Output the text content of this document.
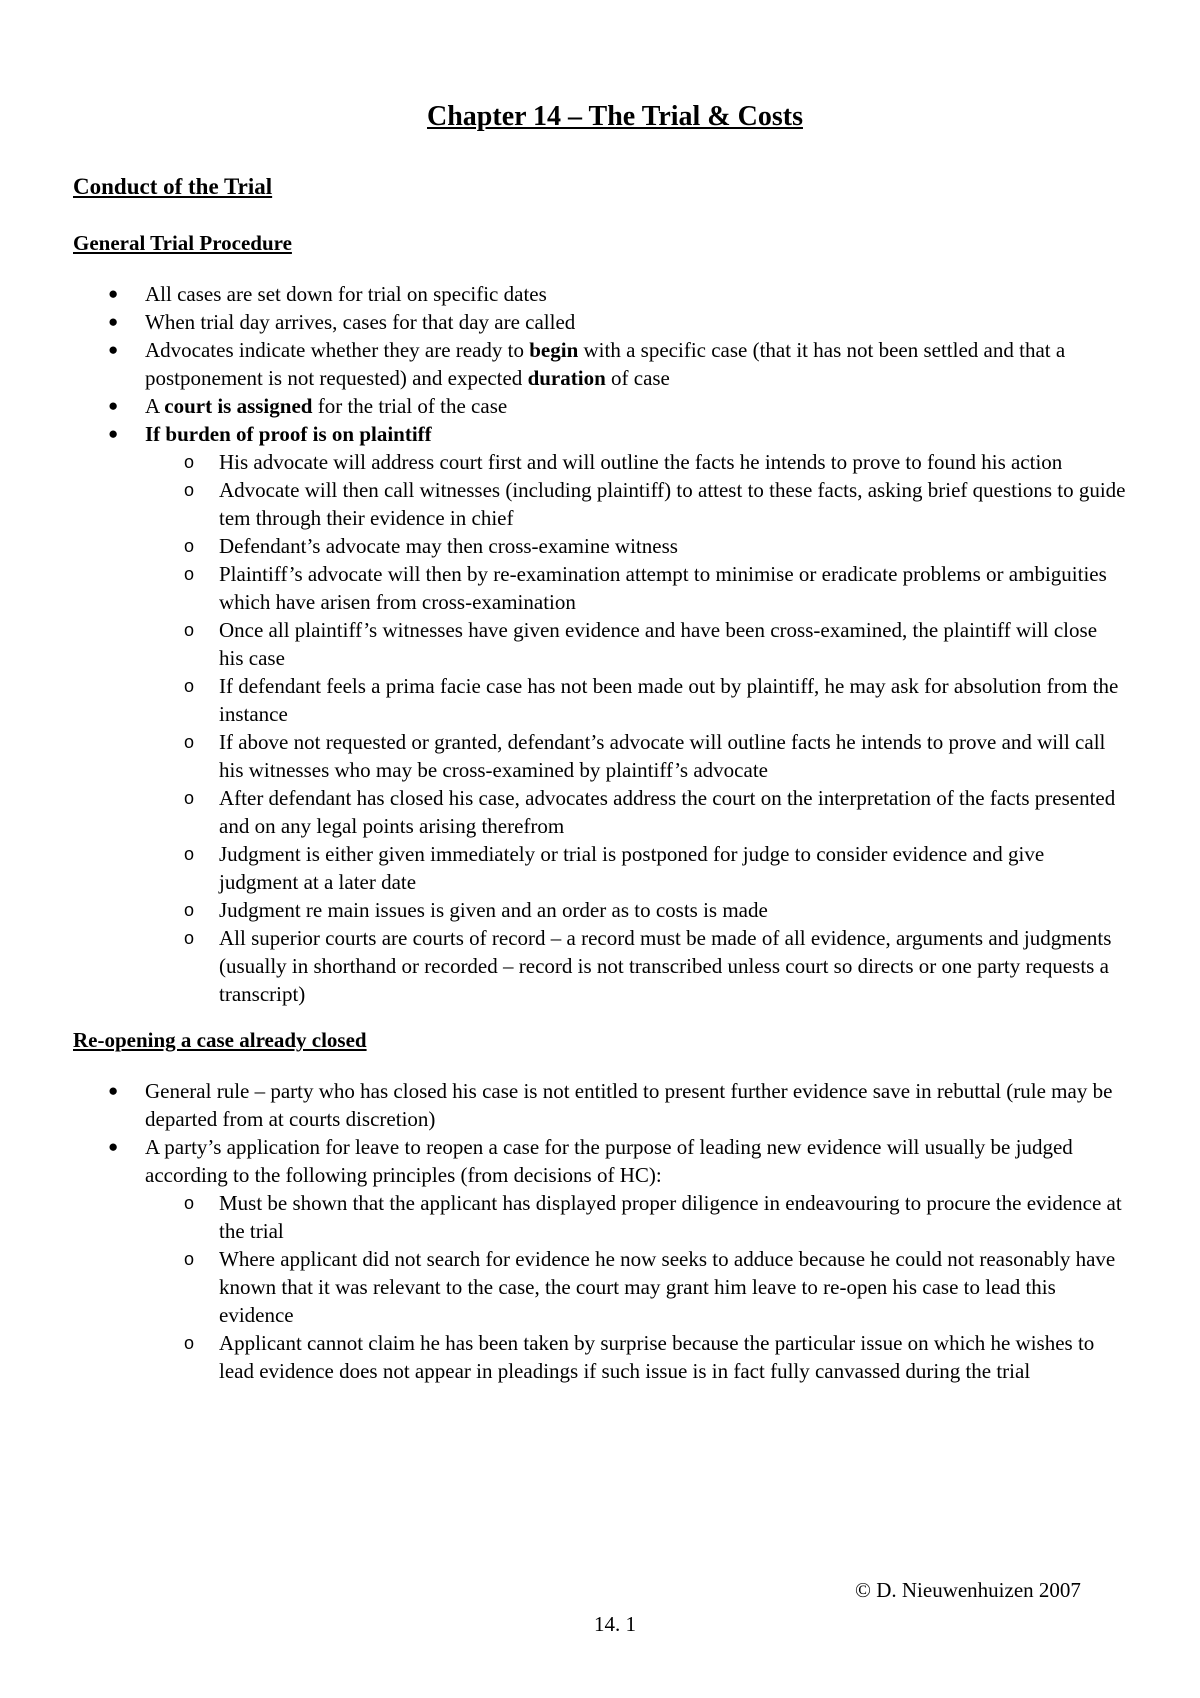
Chapter 14 – The Trial & Costs
Conduct of the Trial
General Trial Procedure
● All cases are set down for trial on specific dates
● When trial day arrives, cases for that day are called
● Advocates indicate whether they are ready to begin with a specific case (that it has not been settled and that a postponement is not requested) and expected duration of case
● A court is assigned for the trial of the case
● If burden of proof is on plaintiff
o His advocate will address court first and will outline the facts he intends to prove to found his action
o Advocate will then call witnesses (including plaintiff) to attest to these facts, asking brief questions to guide tem through their evidence in chief
o Defendant’s advocate may then cross-examine witness
o Plaintiff’s advocate will then by re-examination attempt to minimise or eradicate problems or ambiguities which have arisen from cross-examination
o Once all plaintiff’s witnesses have given evidence and have been cross-examined, the plaintiff will close his case
o If defendant feels a prima facie case has not been made out by plaintiff, he may ask for absolution from the instance
o If above not requested or granted, defendant’s advocate will outline facts he intends to prove and will call his witnesses who may be cross-examined by plaintiff’s advocate
o After defendant has closed his case, advocates address the court on the interpretation of the facts presented and on any legal points arising therefrom
o Judgment is either given immediately or trial is postponed for judge to consider evidence and give judgment at a later date
o Judgment re main issues is given and an order as to costs is made
o All superior courts are courts of record – a record must be made of all evidence, arguments and judgments (usually in shorthand or recorded – record is not transcribed unless court so directs or one party requests a transcript)
Re-opening a case already closed
● General rule – party who has closed his case is not entitled to present further evidence save in rebuttal (rule may be departed from at courts discretion)
● A party’s application for leave to reopen a case for the purpose of leading new evidence will usually be judged according to the following principles (from decisions of HC):
o Must be shown that the applicant has displayed proper diligence in endeavouring to procure the evidence at the trial
o Where applicant did not search for evidence he now seeks to adduce because he could not reasonably have known that it was relevant to the case, the court may grant him leave to re-open his case to lead this evidence
o Applicant cannot claim he has been taken by surprise because the particular issue on which he wishes to lead evidence does not appear in pleadings if such issue is in fact fully canvassed during the trial
© D. Nieuwenhuizen 2007
14. 1
